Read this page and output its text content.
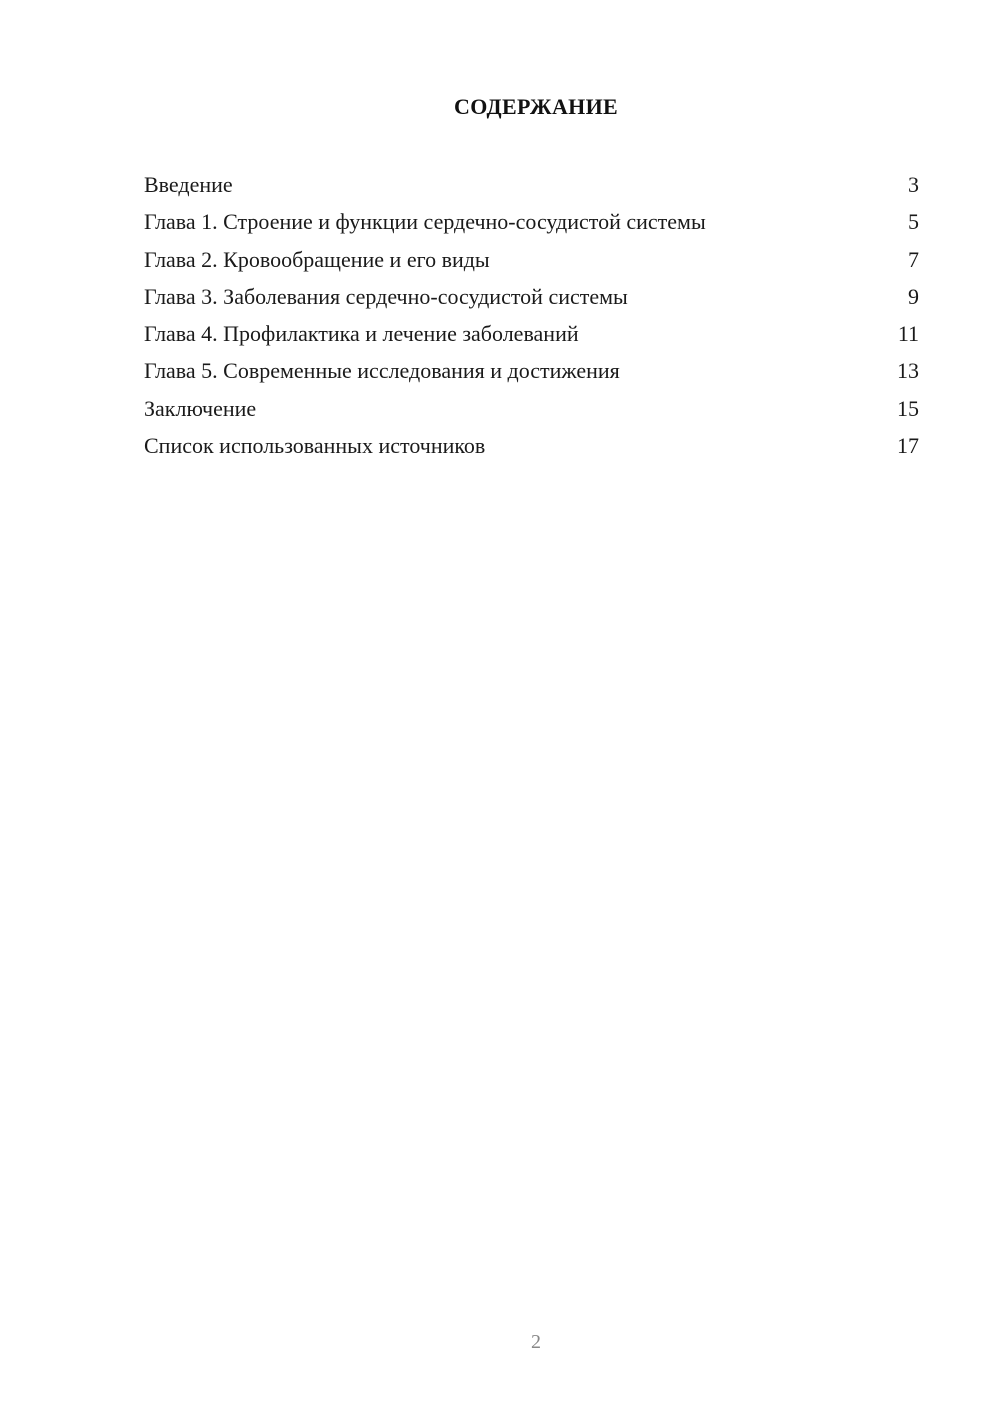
СОДЕРЖАНИЕ
Введение	3
Глава 1. Строение и функции сердечно-сосудистой системы	5
Глава 2. Кровообращение и его виды	7
Глава 3. Заболевания сердечно-сосудистой системы	9
Глава 4. Профилактика и лечение заболеваний	11
Глава 5. Современные исследования и достижения	13
Заключение	15
Список использованных источников	17
2
